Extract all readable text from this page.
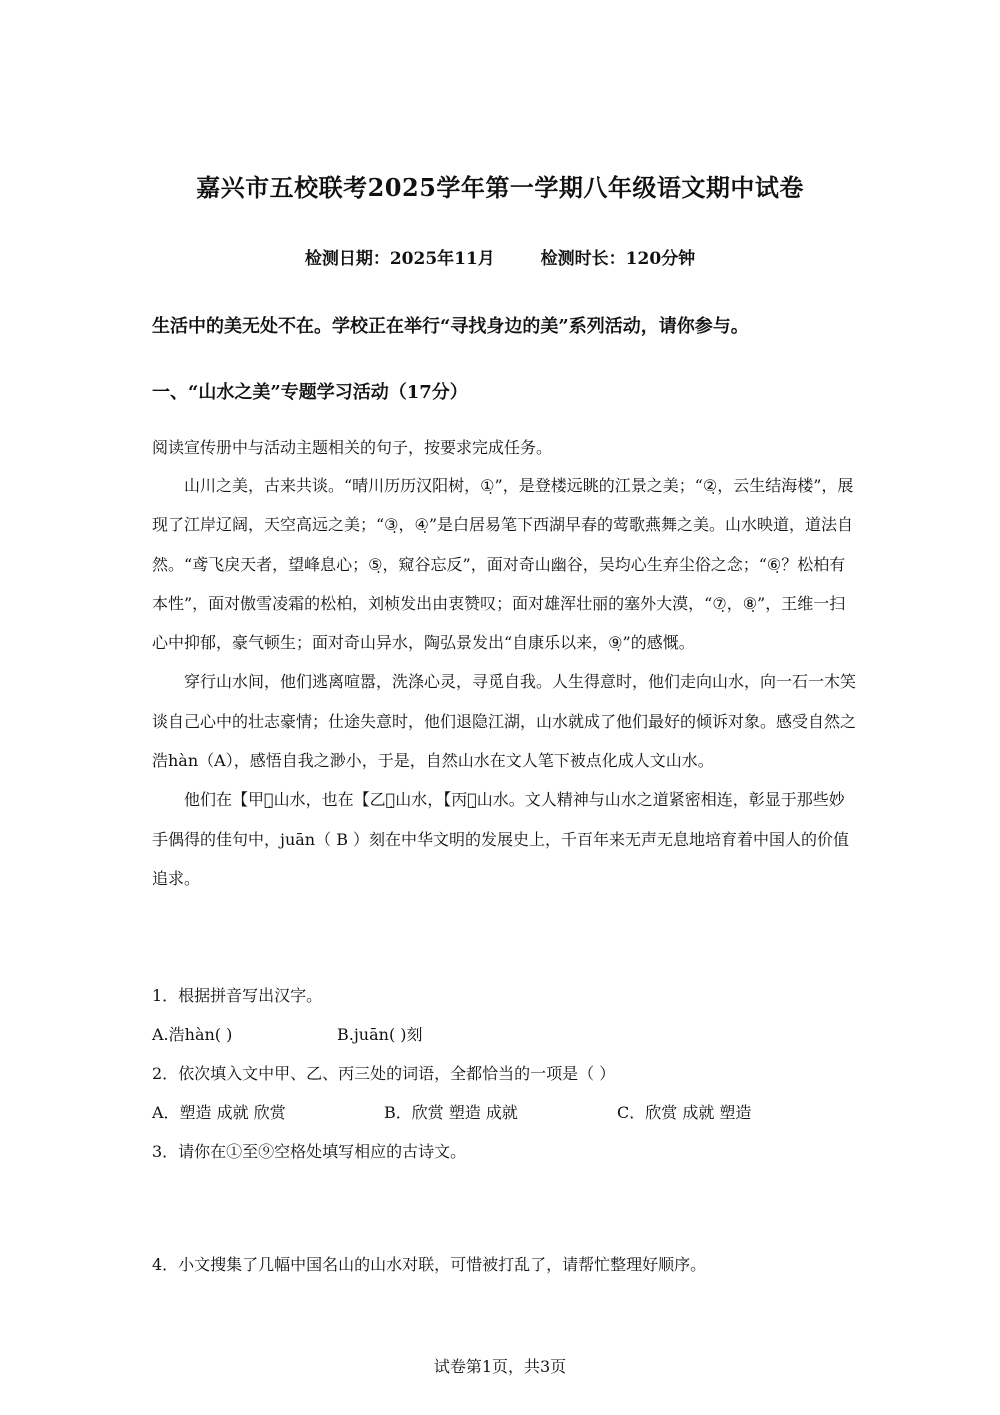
嘉兴市五校联考2025学年第一学期八年级语文期中试卷
检测日期：2025年11月	检测时长：120分钟
生活中的美无处不在。学校正在举行“寻找身边的美”系列活动，请你参与。
一、“山水之美”专题学习活动（17分）
阅读宣传册中与活动主题相关的句子，按要求完成任务。

山川之美，古来共谈。“晴川历历汉阳树，①̣”，是登楼远眺的江景之美；“②̣，云生结海楼”，展现了江岸辽阔，天空高远之美；“③̣，④̣”是白居易笔下西湖早春的莺歌燕舞之美。山水映道，道法自然。“鸢飞戾天者，望峰息心；⑤̣，窥谷忘反”，面对奇山幽谷，吴均心生弃尘俗之念；“⑥̣？松柏有本性”，面对傲雪凌霜的松柏，刘桢发出由衷赞叹；面对雄浑壮丽的塞外大漠，“⑦̣，⑧̣”，王维一扫心中抑郁，豪气顿生；面对奇山异水，陶弘景发出“自康乐以来，⑨̣”的感慨。

穿行山水间，他们逃离喧嚣，洗涤心灵，寻觅自我。人生得意时，他们走向山水，向一石一木笑谈自己心中的壮志豪情；仕途失意时，他们退隐江湖，山水就成了他们最好的倾诉对象。感受自然之浩hàn（A），感悟自我之渺小，于是，自然山水在文人笔下被点化成人文山水。

他们在【甲】̣山水，也在【乙】̣山水，【丙】̣山水。文人精神与山水之道紧密相连，彰显于那些妙手偶得的佳句中，juān（ B ）刻在中华文明的发展史上，千百年来无声无息地培育着中国人的价值追求。

1．根据拼音写出汉字。
A.浩hàn( )	B.juān( )刻
2．依次填入文中甲、乙、丙三处的词语，全都恰当的一项是（ ）
A．塑造 成就 欣赏	B．欣赏 塑造 成就	C．欣赏 成就 塑造
3．请你在①至⑨空格处填写相应的古诗文。
4．小文搜集了几幅中国名山的山水对联，可惜被打乱了，请帮忙整理好顺序。
试卷第1页，共3页
